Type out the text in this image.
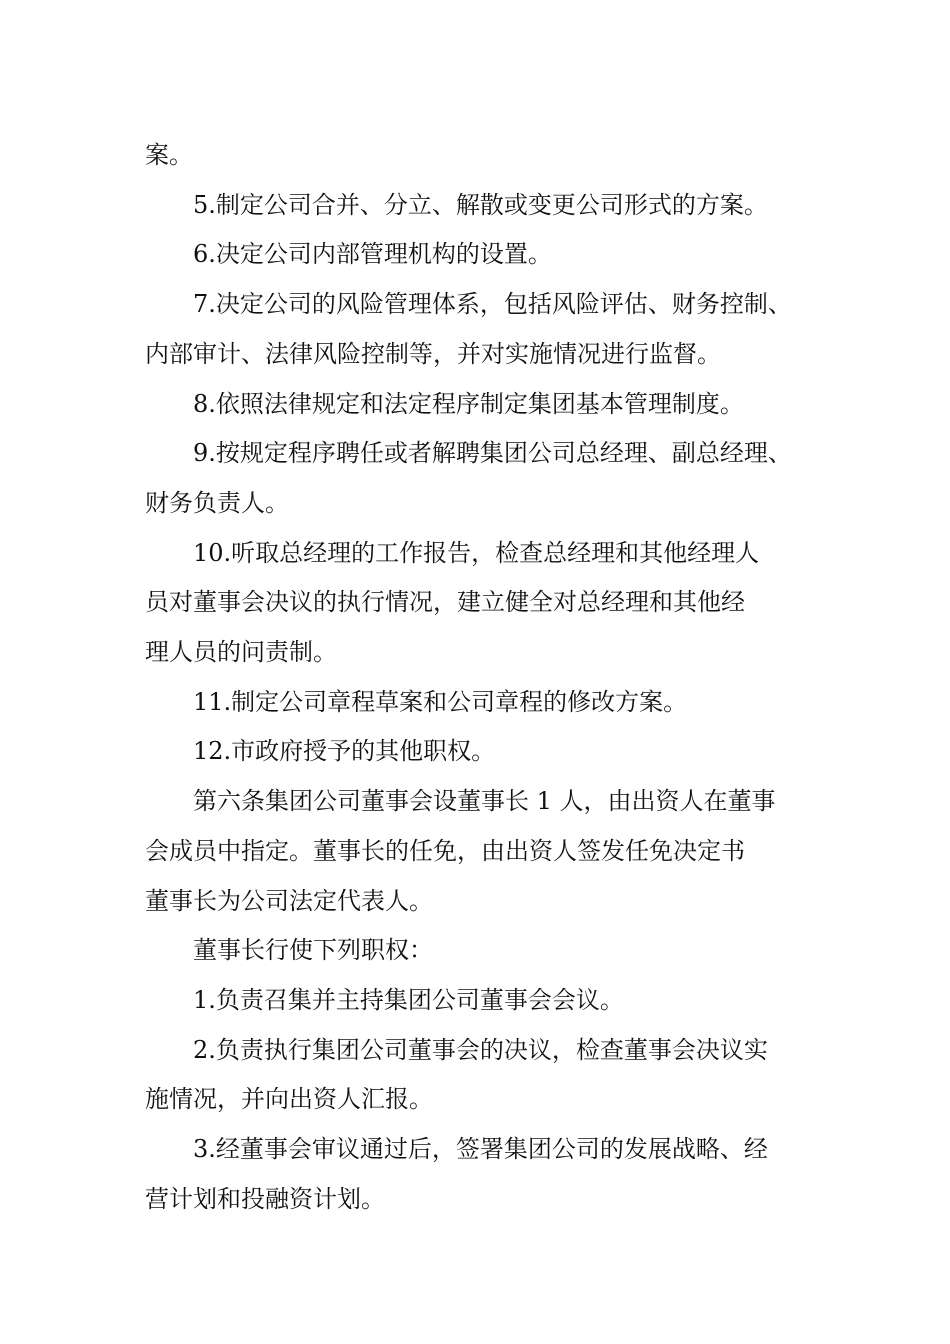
案。

5.制定公司合并、分立、解散或变更公司形式的方案。

6.决定公司内部管理机构的设置。

7.决定公司的风险管理体系，包括风险评估、财务控制、
内部审计、法律风险控制等，并对实施情况进行监督。

8.依照法律规定和法定程序制定集团基本管理制度。

9.按规定程序聘任或者解聘集团公司总经理、副总经理、
财务负责人。

10.听取总经理的工作报告，检查总经理和其他经理人
员对董事会决议的执行情况，建立健全对总经理和其他经
理人员的问责制。

11.制定公司章程草案和公司章程的修改方案。

12.市政府授予的其他职权。

第六条集团公司董事会设董事长 1 人，由出资人在董事
会成员中指定。董事长的任免，由出资人签发任免决定书
董事长为公司法定代表人。

董事长行使下列职权：

1.负责召集并主持集团公司董事会会议。

2.负责执行集团公司董事会的决议，检查董事会决议实
施情况，并向出资人汇报。

3.经董事会审议通过后，签署集团公司的发展战略、经
营计划和投融资计划。
